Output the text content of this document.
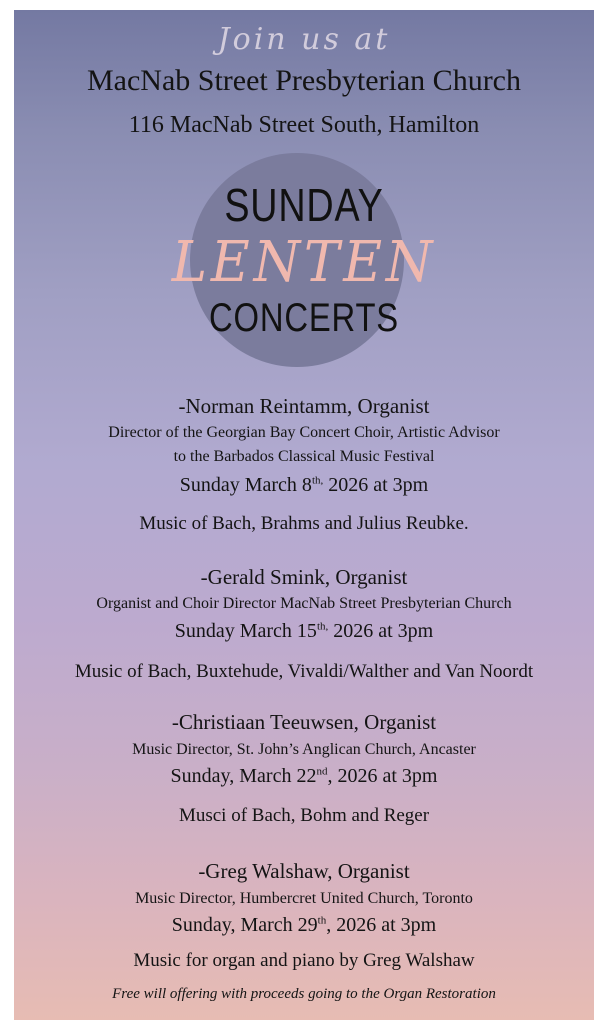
Join us at
MacNab Street Presbyterian Church
116 MacNab Street South, Hamilton
SUNDAY
LENTEN
CONCERTS
-Norman Reintamm, Organist
Director of the Georgian Bay Concert Choir, Artistic Advisor
to the Barbados Classical Music Festival
Sunday March $8^{th,}$ 2026 at 3pm
Music of Bach, Brahms and Julius Reubke.
-Gerald Smink, Organist
Organist and Choir Director MacNab Street Presbyterian Church
Sunday March $15^{th,}$ 2026 at 3pm
Music of Bach, Buxtehude, Vivaldi/Walther and Van Noordt
-Christiaan Teeuwsen, Organist
Music Director, St. John’s Anglican Church, Ancaster
Sunday, March 22nd, 2026 at 3pm
Musci of Bach, Bohm and Reger
-Greg Walshaw, Organist
Music Director, Humbercret United Church, Toronto
Sunday, March 29th, 2026 at 3pm
Music for organ and piano by Greg Walshaw
Free will offering with proceeds going to the Organ Restoration
